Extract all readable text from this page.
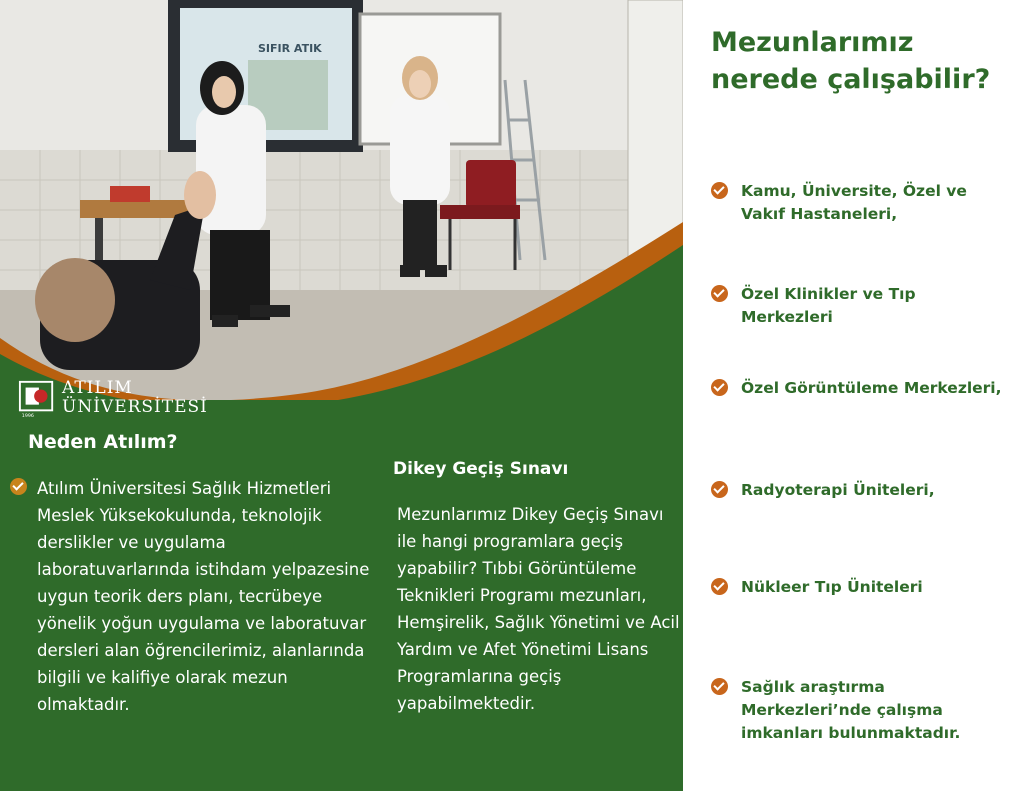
SIFIR ATIK
1996
ATILIM
ÜNİVERSİTESİ
Neden Atılım?
Atılım Üniversitesi Sağlık Hizmetleri Meslek Yüksekokulunda, teknolojik derslikler ve uygulama laboratuvarlarında istihdam yelpazesine uygun teorik ders planı, tecrübeye yönelik yoğun uygulama ve laboratuvar dersleri alan öğrencilerimiz, alanlarında bilgili ve kalifiye olarak mezun olmaktadır.
Dikey Geçiş Sınavı

Mezunlarımız Dikey Geçiş Sınavı ile hangi programlara geçiş yapabilir? Tıbbi Görüntüleme Teknikleri Programı mezunları, Hemşirelik, Sağlık Yönetimi ve Acil Yardım ve Afet Yönetimi Lisans Programlarına geçiş yapabilmektedir.

Mezunlarımız nerede çalışabilir?
Kamu, Üniversite, Özel ve Vakıf Hastaneleri,
Özel Klinikler ve Tıp Merkezleri
Özel Görüntüleme Merkezleri,
Radyoterapi Üniteleri,
Nükleer Tıp Üniteleri
Sağlık araştırma Merkezleri’nde çalışma imkanları bulunmaktadır.
